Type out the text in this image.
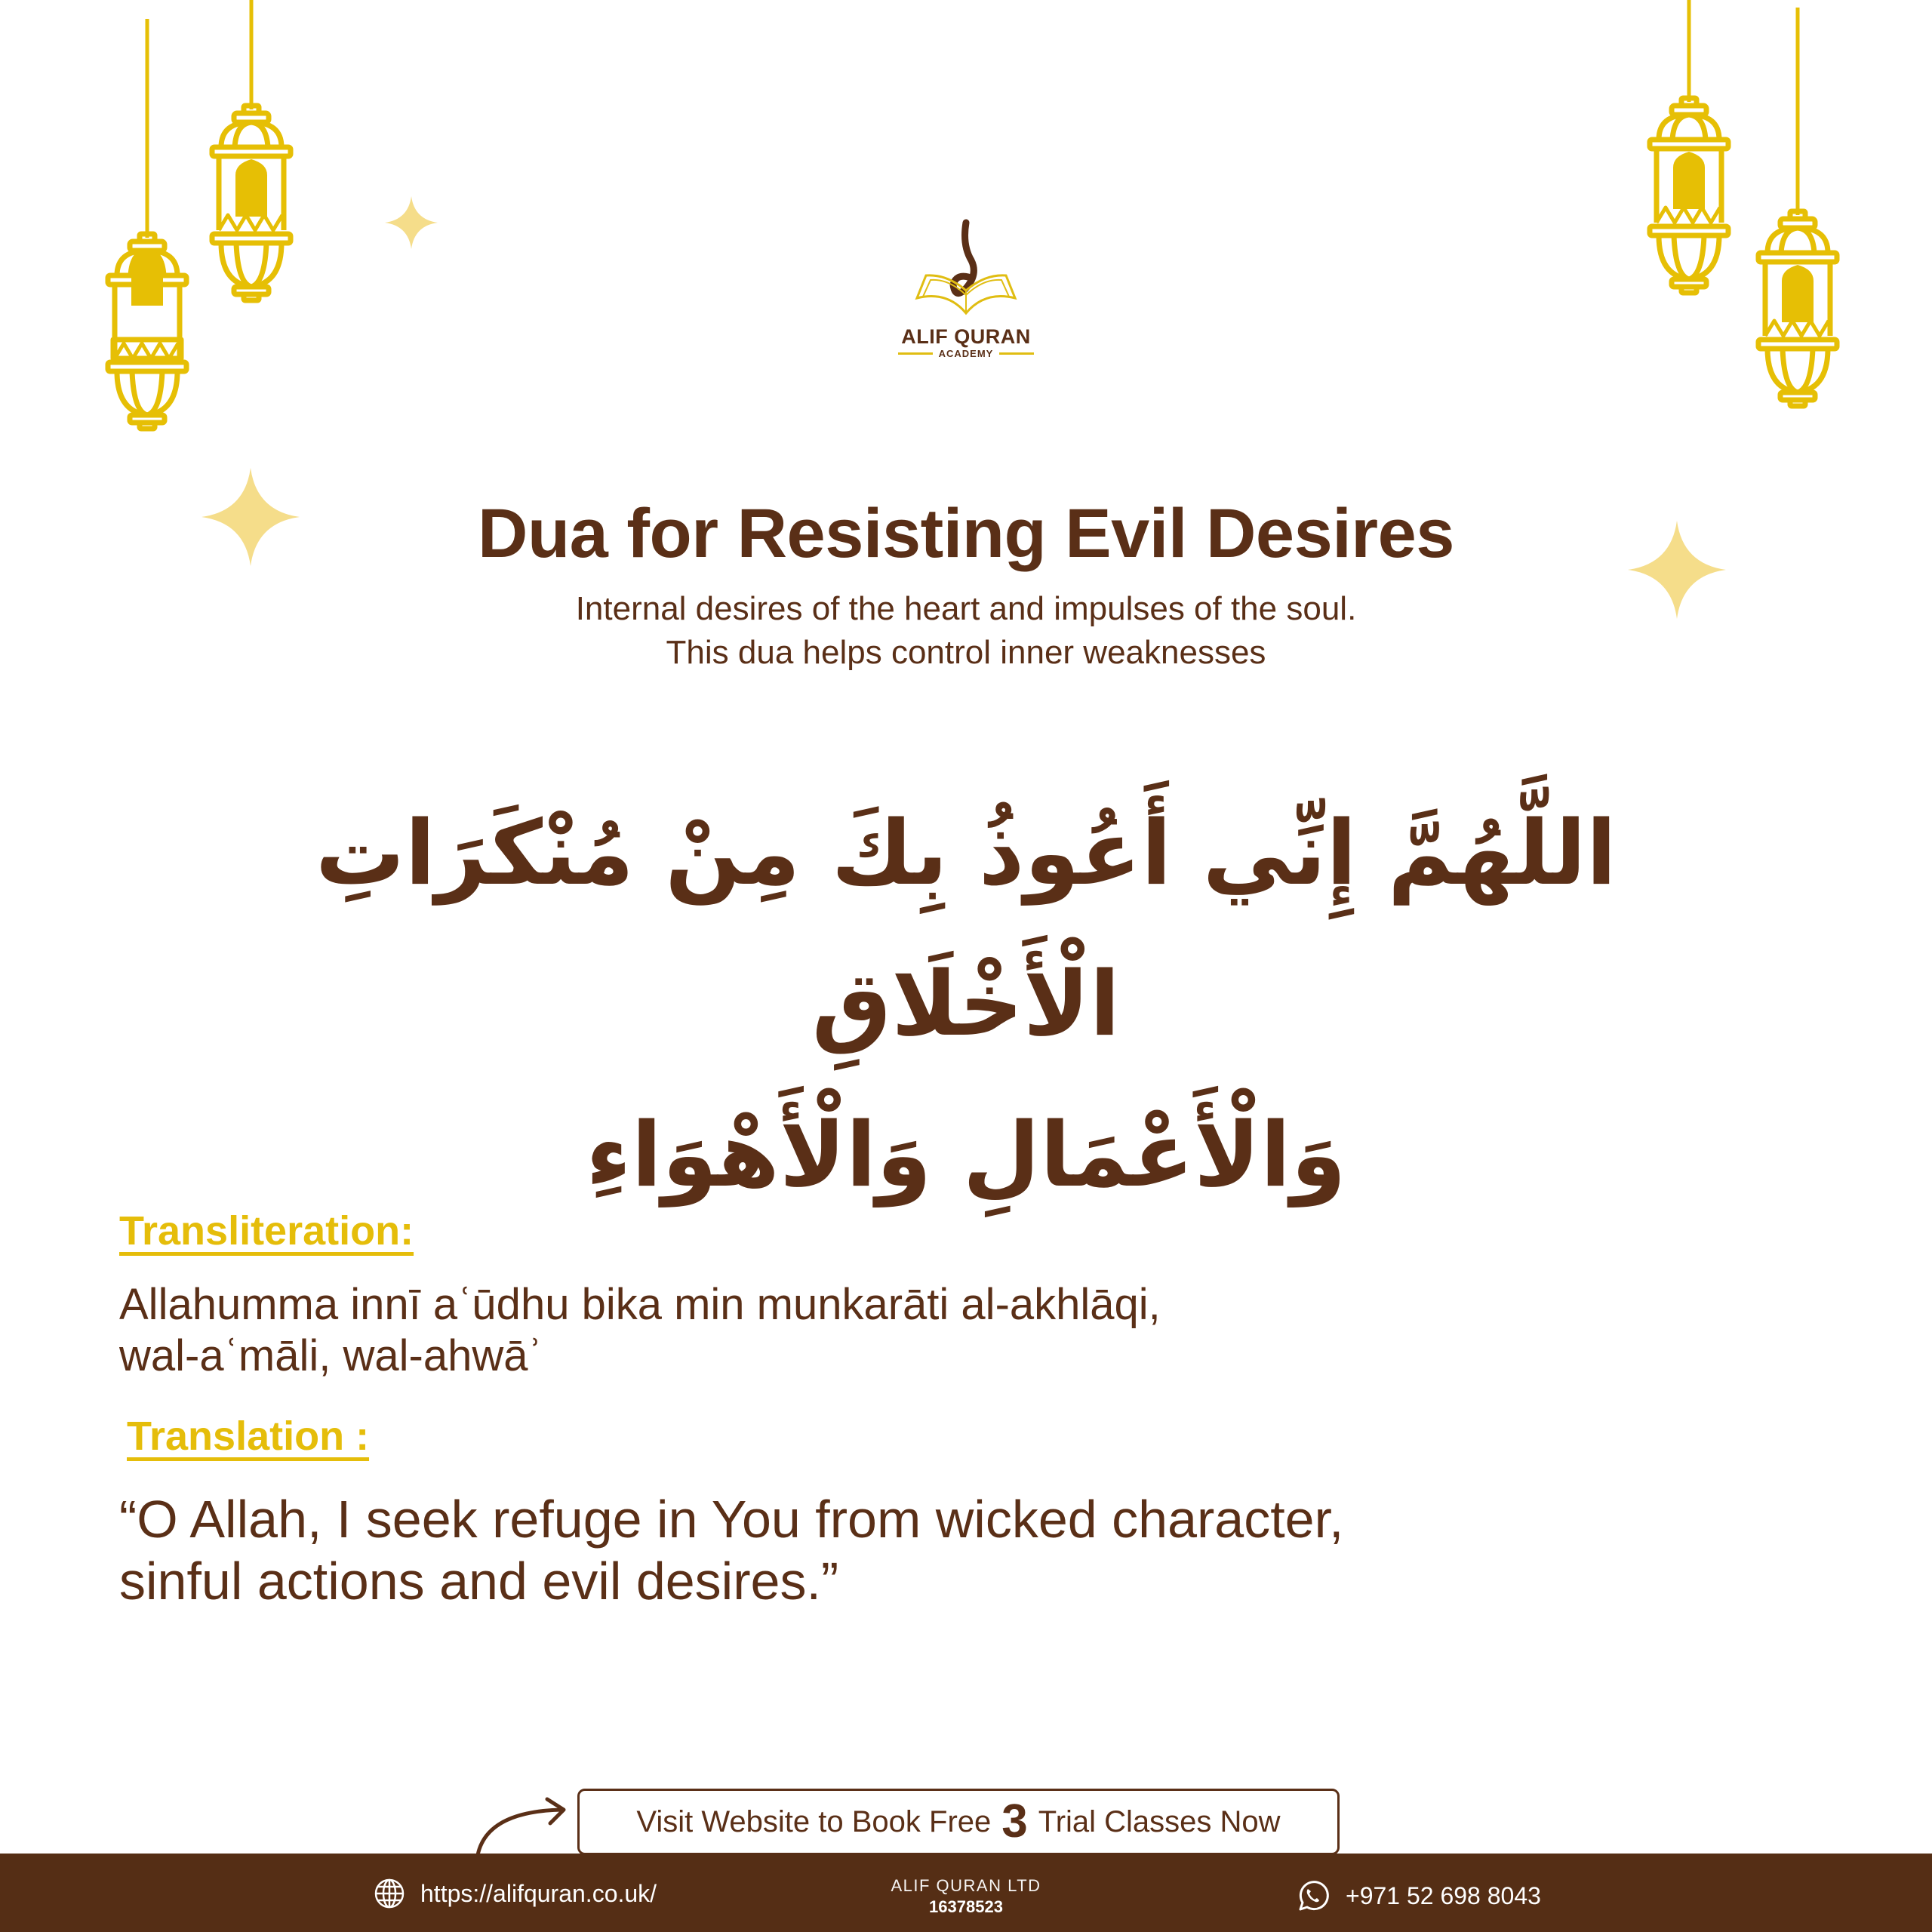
ALIF QURAN
ACADEMY
Dua for Resisting Evil Desires
Internal desires of the heart and impulses of the soul.
This dua helps control inner weaknesses
اللَّهُمَّ إِنِّي أَعُوذُ بِكَ مِنْ مُنْكَرَاتِ الْأَخْلَاقِ
وَالْأَعْمَالِ وَالْأَهْوَاءِ
Transliteration:
Allahumma innī aʿūdhu bika min munkarāti al-akhlāqi,
wal-aʿmāli, wal-ahwāʾ
Translation :
“O Allah, I seek refuge in You from wicked character,
sinful actions and evil desires.”
Visit Website to Book Free 3 Trial Classes Now
https://alifquran.co.uk/	ALIF QURAN LTD
16378523	+971 52 698 8043
